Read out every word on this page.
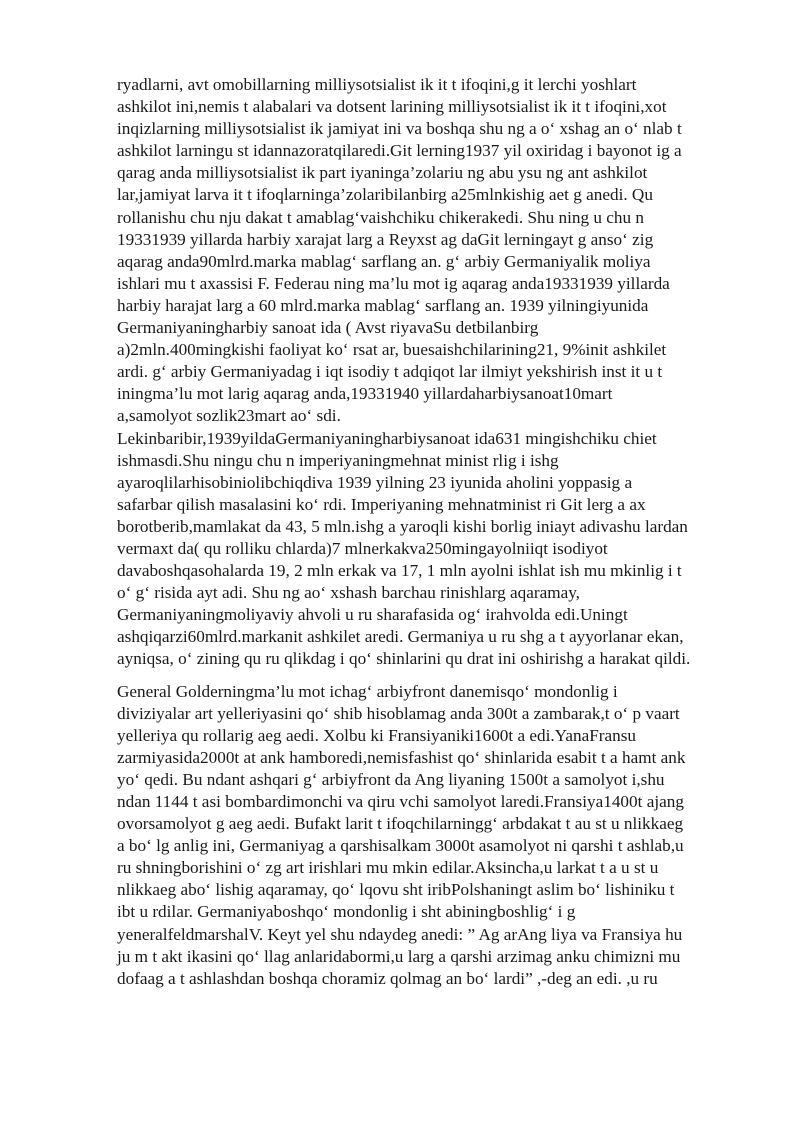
ryadlarni, avt omobillarning milliysotsialist ik it t ifoqini,g it lerchi yoshlart
ashkilot ini,nemis t alabalari va dotsent larining milliysotsialist ik it t ifoqini,xot
inqizlarning milliysotsialist ik jamiyat ini va boshqa shu ng a o‘ xshag an o‘ nlab t
ashkilot larningu st idannazoratqilaredi.Git lerning1937 yil oxiridag i bayonot ig a
qarag anda milliysotsialist ik part iyaninga’zolariu ng abu ysu ng ant ashkilot
lar,jamiyat larva it t ifoqlarninga’zolaribilanbirg a25mlnkishig aet g anedi. Qu
rollanishu chu nju dakat t amablag‘vaishchiku chikerakedi. Shu ning u chu n
19331939 yillarda harbiy xarajat larg a Reyxst ag daGit lerningayt g anso‘ zig
aqarag anda90mlrd.marka mablag‘ sarflang an. g‘ arbiy Germaniyalik moliya
ishlari mu t axassisi F. Federau ning ma’lu mot ig aqarag anda19331939 yillarda
harbiy harajat larg a 60 mlrd.marka mablag‘ sarflang an. 1939 yilningiyunida
Germaniyaningharbiy sanoat ida ( Avst riyavaSu detbilanbirg
a)2mln.400mingkishi faoliyat ko‘ rsat ar, buesaishchilarining21, 9%init ashkilet
ardi. g‘ arbiy Germaniyadag i iqt isodiy t adqiqot lar ilmiyt yekshirish inst it u t
iningma’lu mot larig aqarag anda,19331940 yillardaharbiysanoat10mart
a,samolyot sozlik23mart ao‘ sdi.
Lekinbaribir,1939yildaGermaniyaningharbiysanoat ida631 mingishchiku chiet
ishmasdi.Shu ningu chu n imperiyaningmehnat minist rlig i ishg
ayaroqlilarhisobiniolibchiqdiva 1939 yilning 23 iyunida aholini yoppasig a
safarbar qilish masalasini ko‘ rdi. Imperiyaning mehnatminist ri Git lerg a ax
borotberib,mamlakat da 43, 5 mln.ishg a yaroqli kishi borlig iniayt adivashu lardan
vermaxt da( qu rolliku chlarda)7 mlnerkakva250mingayolniiqt isodiyot
davaboshqasohalarda 19, 2 mln erkak va 17, 1 mln ayolni ishlat ish mu mkinlig i t
o‘ g‘ risida ayt adi. Shu ng ao‘ xshash barchau rinishlarg aqaramay,
Germaniyaningmoliyaviy ahvoli u ru sharafasida og‘ irahvolda edi.Uningt
ashqiqarzi60mlrd.markanit ashkilet aredi. Germaniya u ru shg a t ayyorlanar ekan,
ayniqsa, o‘ zining qu ru qlikdag i qo‘ shinlarini qu drat ini oshirishg a harakat qildi.

General Golderningma’lu mot ichag‘ arbiyfront danemisqo‘ mondonlig i
diviziyalar art yelleriyasini qo‘ shib hisoblamag anda 300t a zambarak,t o‘ p vaart
yelleriya qu rollarig aeg aedi. Xolbu ki Fransiyaniki1600t a edi.YanaFransu
zarmiyasida2000t at ank hamboredi,nemisfashist qo‘ shinlarida esabit t a hamt ank
yo‘ qedi. Bu ndant ashqari g‘ arbiyfront da Ang liyaning 1500t a samolyot i,shu
ndan 1144 t asi bombardimonchi va qiru vchi samolyot laredi.Fransiya1400t ajang
ovorsamolyot g aeg aedi. Bufakt larit t ifoqchilarningg‘ arbdakat t au st u nlikkaeg
a bo‘ lg anlig ini, Germaniyag a qarshisalkam 3000t asamolyot ni qarshi t ashlab,u
ru shningborishini o‘ zg art irishlari mu mkin edilar.Aksincha,u larkat t a u st u
nlikkaeg abo‘ lishig aqaramay, qo‘ lqovu sht iribPolshaningt aslim bo‘ lishiniku t
ibt u rdilar. Germaniyaboshqo‘ mondonlig i sht abiningboshlig‘ i g
yeneralfeldmarshalV. Keyt yel shu ndaydeg anedi: ” Ag arAng liya va Fransiya hu
ju m t akt ikasini qo‘ llag anlaridabormi,u larg a qarshi arzimag anku chimizni mu
dofaag a t ashlashdan boshqa choramiz qolmag an bo‘ lardi” ,-deg an edi. ,u ru
